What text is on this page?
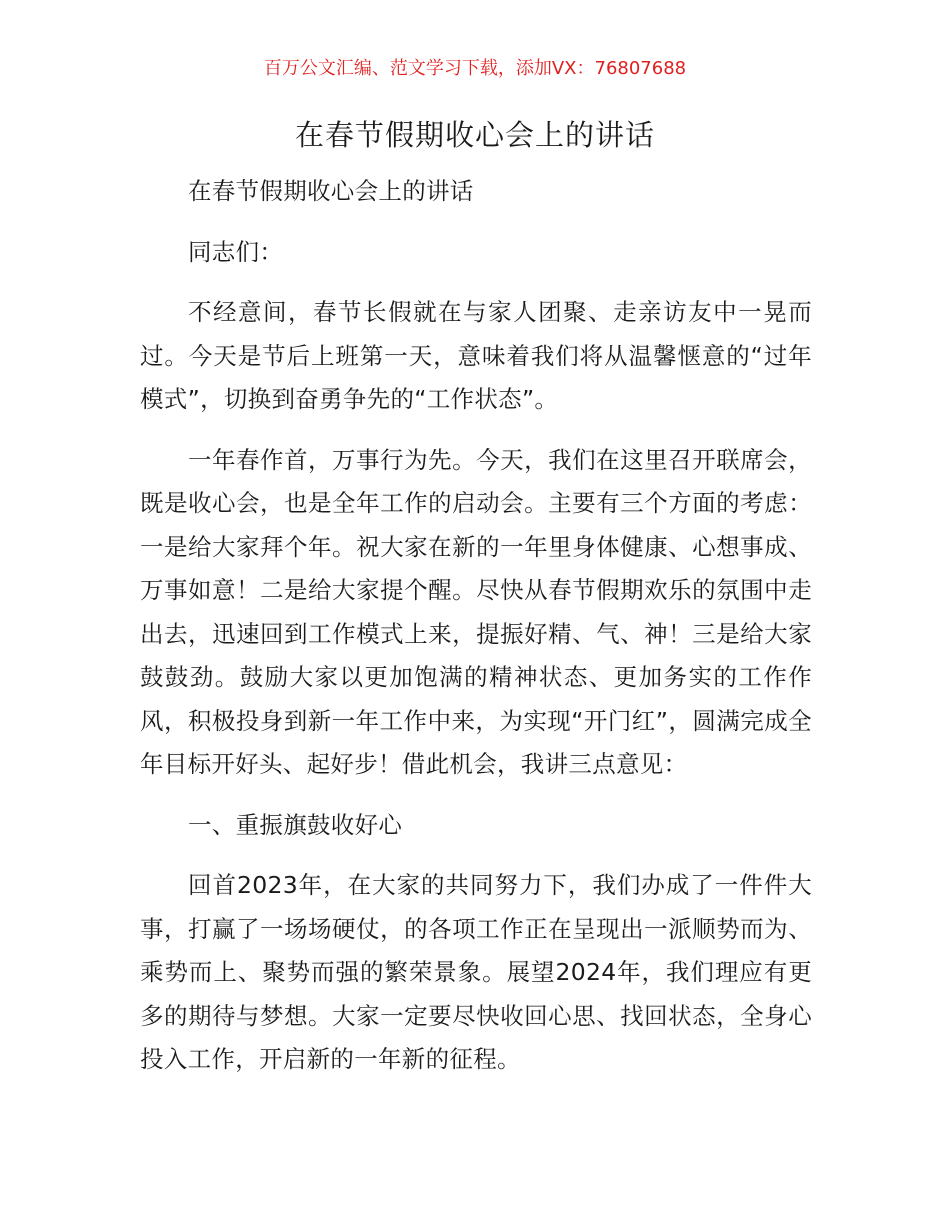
百万公文汇编、范文学习下载，添加VX：76807688
在春节假期收心会上的讲话

在春节假期收心会上的讲话

同志们：

不经意间，春节长假就在与家人团聚、走亲访友中一晃而过。今天是节后上班第一天，意味着我们将从温馨惬意的“过年模式”，切换到奋勇争先的“工作状态”。

一年春作首，万事行为先。今天，我们在这里召开联席会，既是收心会，也是全年工作的启动会。主要有三个方面的考虑：一是给大家拜个年。祝大家在新的一年里身体健康、心想事成、万事如意！二是给大家提个醒。尽快从春节假期欢乐的氛围中走出去，迅速回到工作模式上来，提振好精、气、神！三是给大家鼓鼓劲。鼓励大家以更加饱满的精神状态、更加务实的工作作风，积极投身到新一年工作中来，为实现“开门红”，圆满完成全年目标开好头、起好步！借此机会，我讲三点意见：

一、重振旗鼓收好心

回首2023年，在大家的共同努力下，我们办成了一件件大事，打赢了一场场硬仗，的各项工作正在呈现出一派顺势而为、乘势而上、聚势而强的繁荣景象。展望2024年，我们理应有更多的期待与梦想。大家一定要尽快收回心思、找回状态，全身心投入工作，开启新的一年新的征程。
